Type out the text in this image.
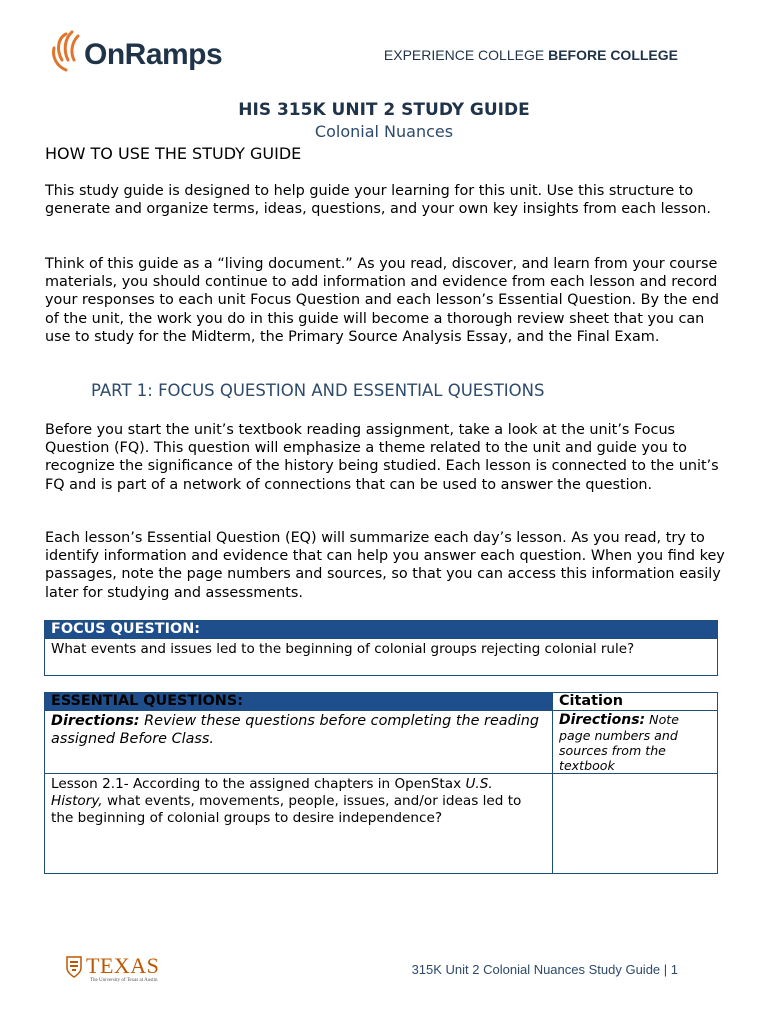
OnRamps	EXPERIENCE COLLEGE BEFORE COLLEGE
HIS 315K UNIT 2 STUDY GUIDE
Colonial Nuances
HOW TO USE THE STUDY GUIDE

This study guide is designed to help guide your learning for this unit. Use this structure to generate and organize terms, ideas, questions, and your own key insights from each lesson.

Think of this guide as a “living document.” As you read, discover, and learn from your course materials, you should continue to add information and evidence from each lesson and record your responses to each unit Focus Question and each lesson’s Essential Question. By the end of the unit, the work you do in this guide will become a thorough review sheet that you can use to study for the Midterm, the Primary Source Analysis Essay, and the Final Exam.

PART 1: FOCUS QUESTION AND ESSENTIAL QUESTIONS

Before you start the unit’s textbook reading assignment, take a look at the unit’s Focus Question (FQ). This question will emphasize a theme related to the unit and guide you to recognize the significance of the history being studied. Each lesson is connected to the unit’s FQ and is part of a network of connections that can be used to answer the question.

Each lesson’s Essential Question (EQ) will summarize each day’s lesson. As you read, try to identify information and evidence that can help you answer each question. When you find key passages, note the page numbers and sources, so that you can access this information easily later for studying and assessments.

FOCUS QUESTION:	
What events and issues led to the beginning of colonial groups rejecting colonial rule?	

ESSENTIAL QUESTIONS:	Citation
Directions: Review these questions before completing the reading assigned Before Class.	Directions: Note page numbers and sources from the textbook
Lesson 2.1- According to the assigned chapters in OpenStax U.S. History, what events, movements, people, issues, and/or ideas led to the beginning of colonial groups to desire independence?	
TEXAS
The University of Texas at Austin
315K Unit 2 Colonial Nuances Study Guide | 1
